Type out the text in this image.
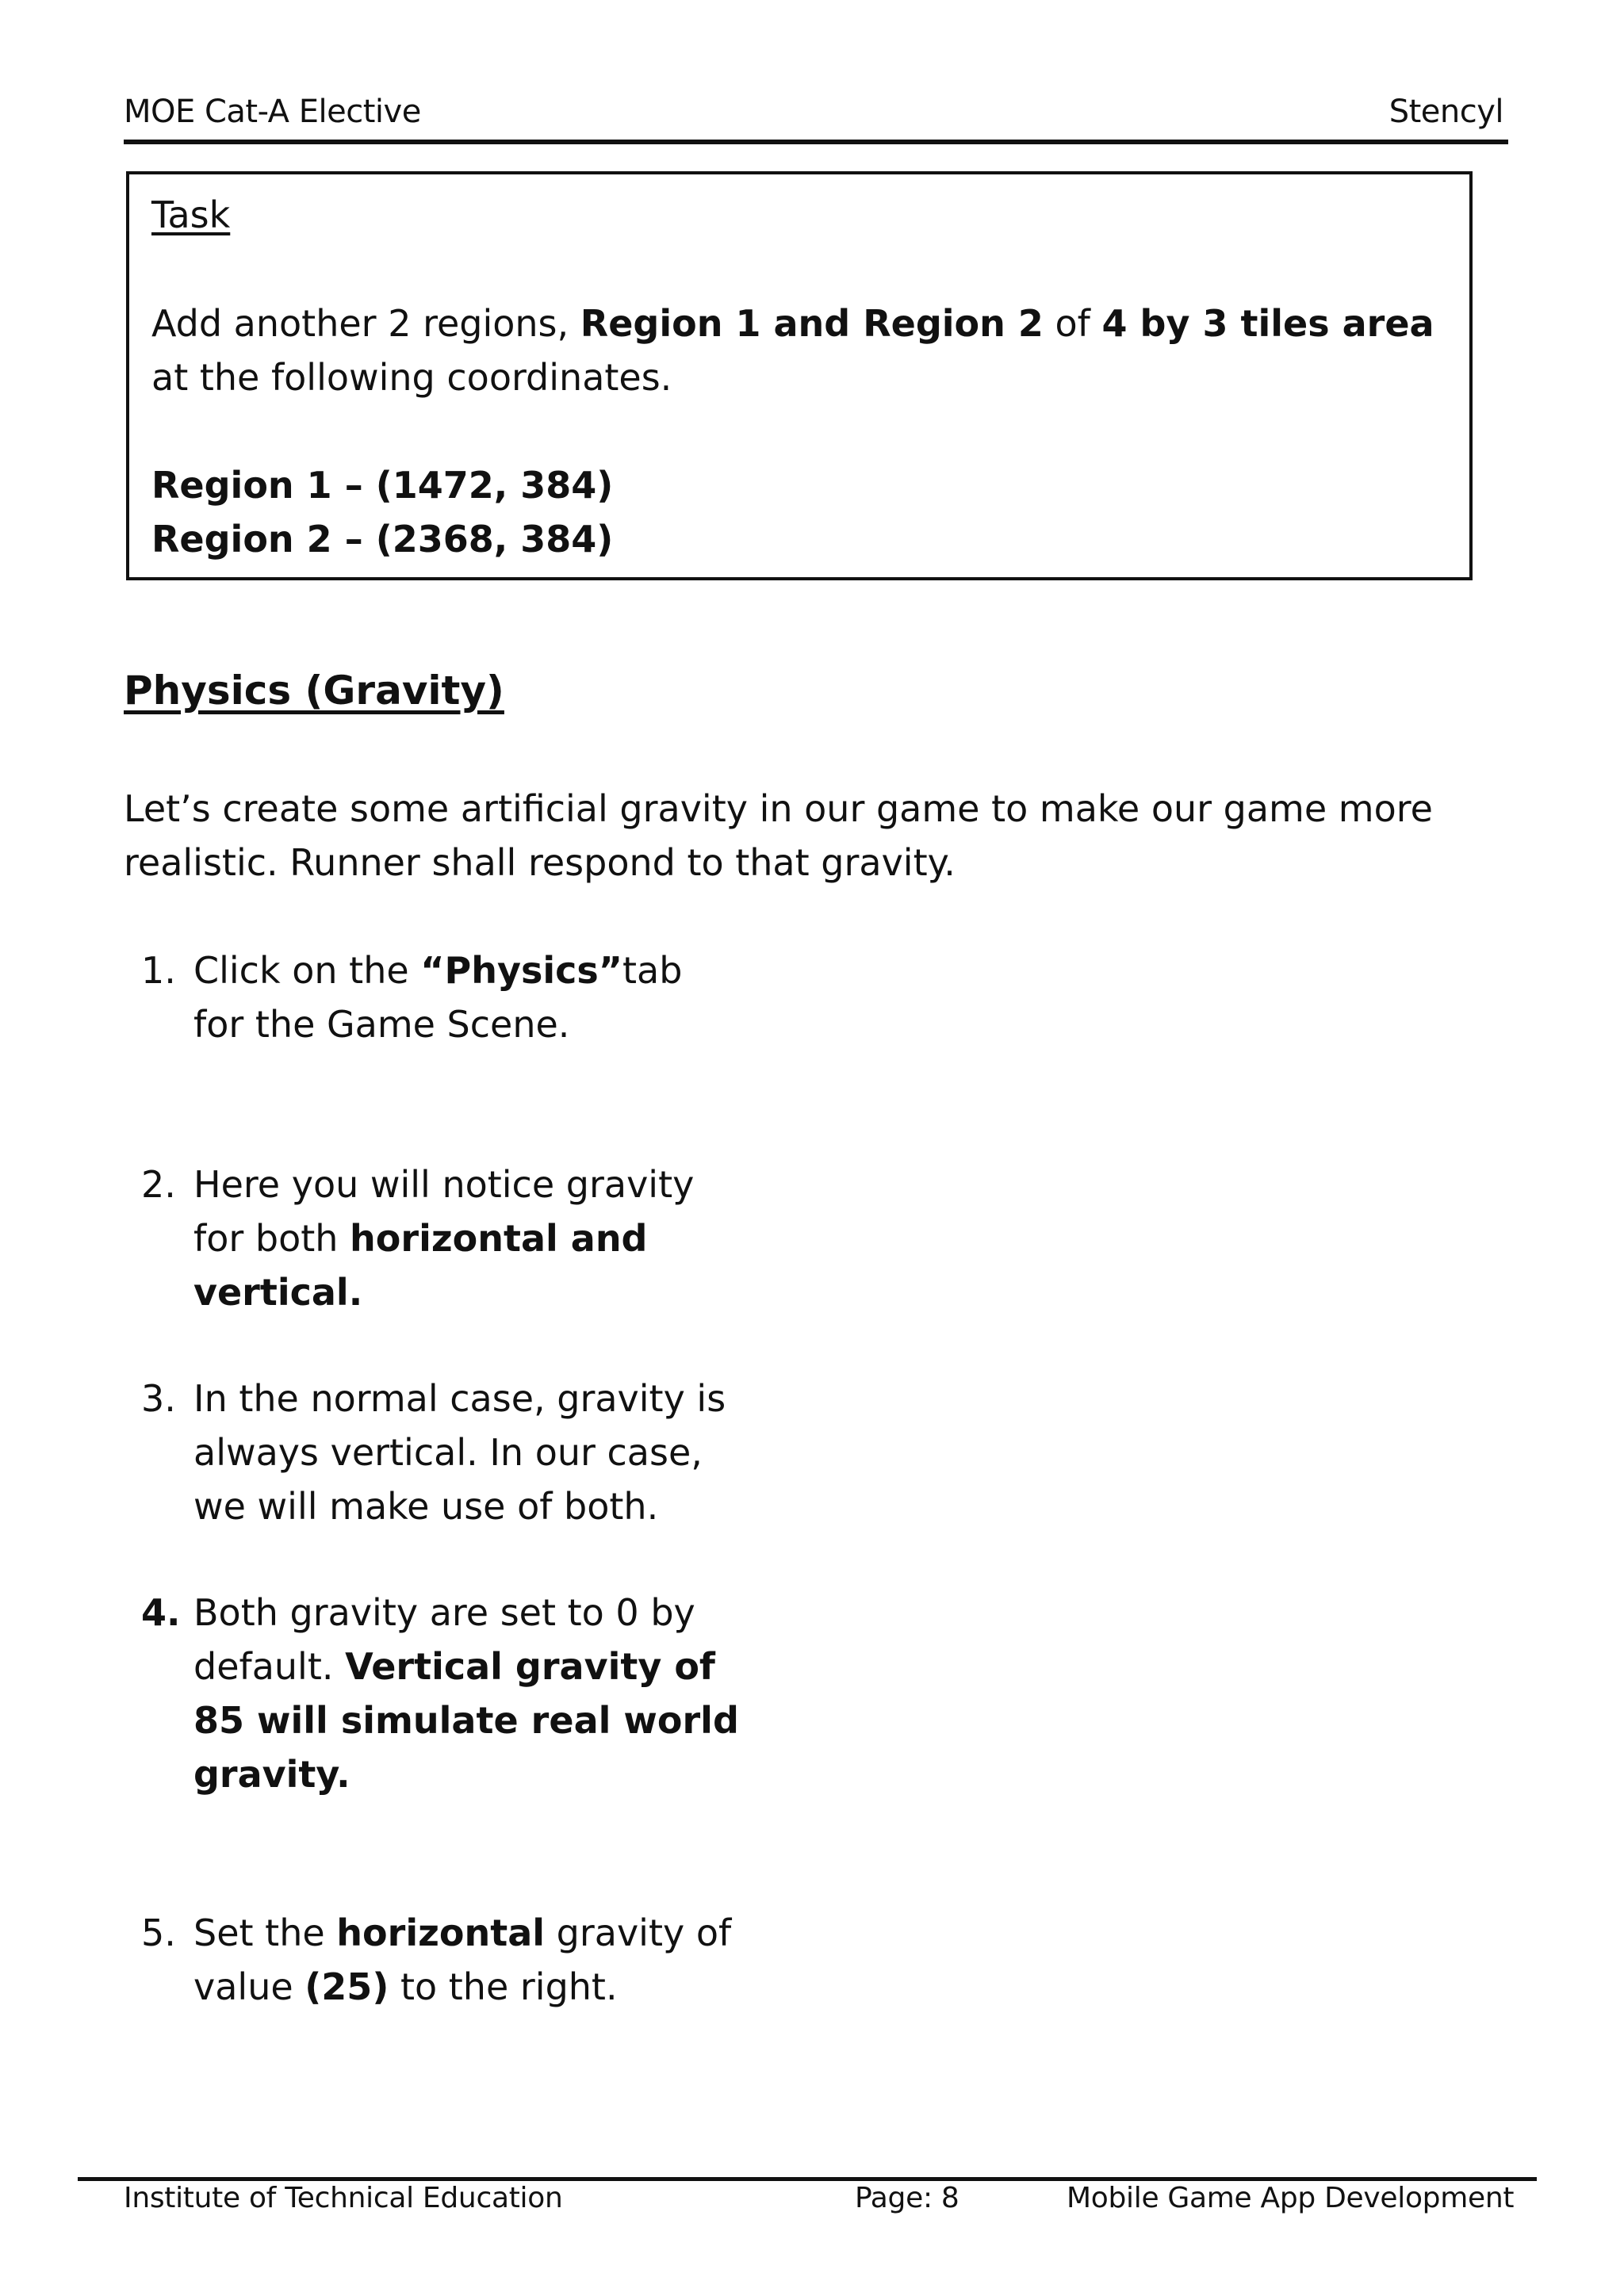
MOE Cat-A Elective	Stencyl
Task
Add another 2 regions, Region 1 and Region 2 of 4 by 3 tiles area at the following coordinates.
Region 1 – (1472, 384)
Region 2 – (2368, 384)
Physics (Gravity)
Let’s create some artificial gravity in our game to make our game more realistic. Runner shall respond to that gravity.
1. Click on the “Physics”tab for the Game Scene.
2. Here you will notice gravity for both horizontal and vertical.
3. In the normal case, gravity is always vertical. In our case, we will make use of both.
4. Both gravity are set to 0 by default. Vertical gravity of 85 will simulate real world gravity.
5. Set the horizontal gravity of value (25) to the right.
Institute of Technical Education	Page: 8	Mobile Game App Development
